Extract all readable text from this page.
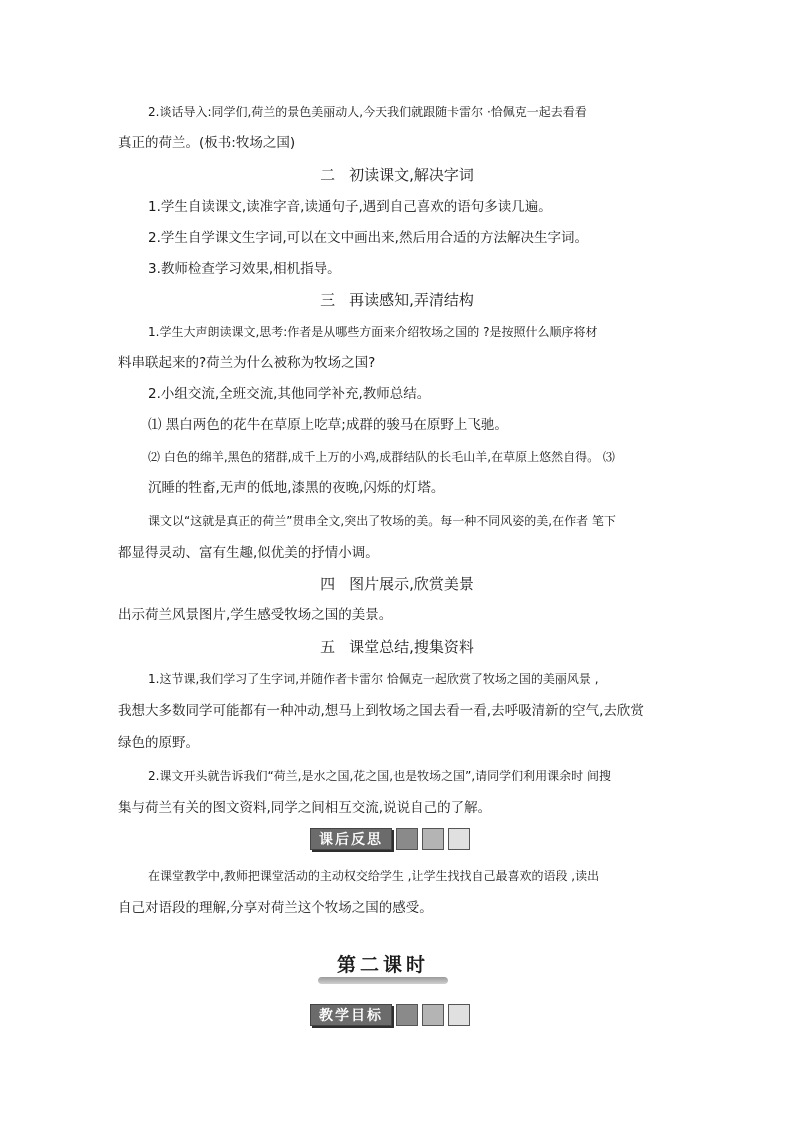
2.谈话导入:同学们,荷兰的景色美丽动人,今天我们就跟随卡雷尔 ·恰佩克一起去看看
真正的荷兰。(板书:牧场之国)
二 初读课文,解决字词
1.学生自读课文,读准字音,读通句子,遇到自己喜欢的语句多读几遍。
2.学生自学课文生字词,可以在文中画出来,然后用合适的方法解决生字词。
3.教师检查学习效果,相机指导。
三 再读感知,弄清结构
1.学生大声朗读课文,思考:作者是从哪些方面来介绍牧场之国的 ?是按照什么顺序将材
料串联起来的?荷兰为什么被称为牧场之国?
2.小组交流,全班交流,其他同学补充,教师总结。
⑴ 黑白两色的花牛在草原上吃草;成群的骏马在原野上飞驰。
⑵ 白色的绵羊,黑色的猪群,成千上万的小鸡,成群结队的长毛山羊,在草原上悠然自得。 ⑶
沉睡的牲畜,无声的低地,漆黑的夜晚,闪烁的灯塔。
课文以“这就是真正的荷兰”贯串全文,突出了牧场的美。每一种不同风姿的美,在作者 笔下
都显得灵动、富有生趣,似优美的抒情小调。
四 图片展示,欣赏美景
出示荷兰风景图片,学生感受牧场之国的美景。
五 课堂总结,搜集资料
1.这节课,我们学习了生字词,并随作者卡雷尔 恰佩克一起欣赏了牧场之国的美丽风景 ,
我想大多数同学可能都有一种冲动,想马上到牧场之国去看一看,去呼吸清新的空气,去欣赏
绿色的原野。
2.课文开头就告诉我们“荷兰,是水之国,花之国,也是牧场之国”,请同学们利用课余时 间搜
集与荷兰有关的图文资料,同学之间相互交流,说说自己的了解。
课后反思
在课堂教学中,教师把课堂活动的主动权交给学生 ,让学生找找自己最喜欢的语段 ,读出
自己对语段的理解,分享对荷兰这个牧场之国的感受。
第二课时
教学目标
